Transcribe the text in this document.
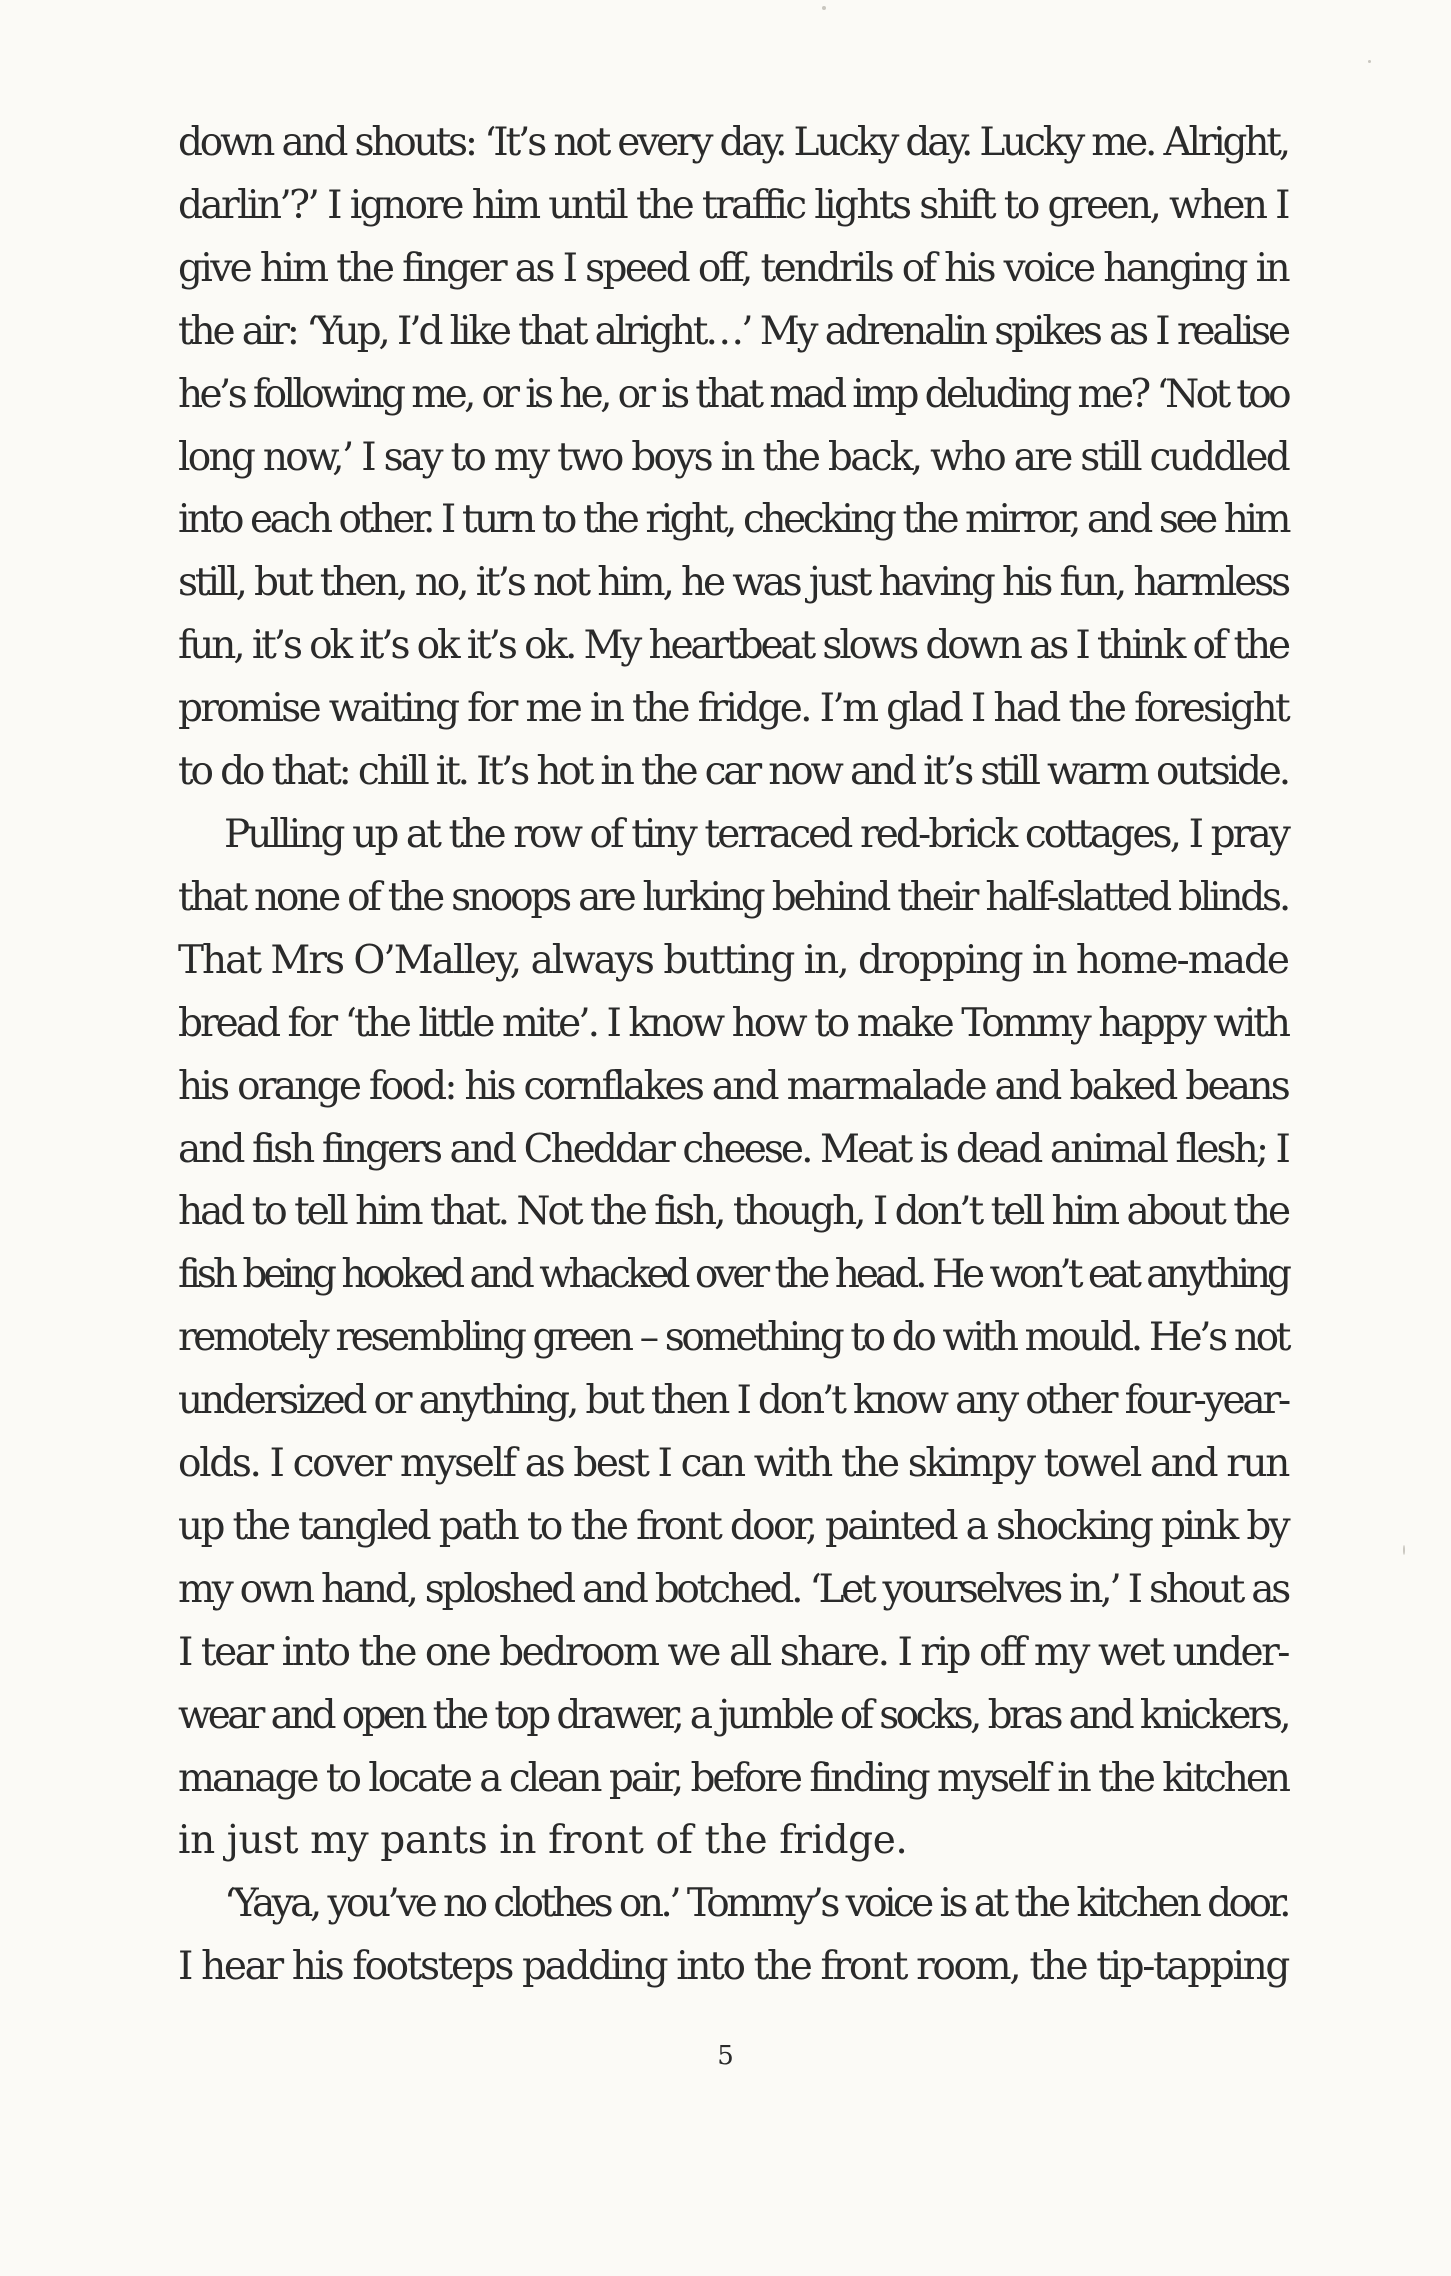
down and shouts: ‘It’s not every day. Lucky day. Lucky me. Alright,
darlin’?’ I ignore him until the traffic lights shift to green, when I
give him the finger as I speed off, tendrils of his voice hanging in
the air: ‘Yup, I’d like that alright…’ My adrenalin spikes as I realise
he’s following me, or is he, or is that mad imp deluding me? ‘Not too
long now,’ I say to my two boys in the back, who are still cuddled
into each other. I turn to the right, checking the mirror, and see him
still, but then, no, it’s not him, he was just having his fun, harmless
fun, it’s ok it’s ok it’s ok. My heartbeat slows down as I think of the
promise waiting for me in the fridge. I’m glad I had the foresight
to do that: chill it. It’s hot in the car now and it’s still warm outside.

Pulling up at the row of tiny terraced red-brick cottages, I pray
that none of the snoops are lurking behind their half-slatted blinds.
That Mrs O’Malley, always butting in, dropping in home-made
bread for ‘the little mite’. I know how to make Tommy happy with
his orange food: his cornflakes and marmalade and baked beans
and fish fingers and Cheddar cheese. Meat is dead animal flesh; I
had to tell him that. Not the fish, though, I don’t tell him about the
fish being hooked and whacked over the head. He won’t eat anything
remotely resembling green – something to do with mould. He’s not
undersized or anything, but then I don’t know any other four-year-
olds. I cover myself as best I can with the skimpy towel and run
up the tangled path to the front door, painted a shocking pink by
my own hand, sploshed and botched. ‘Let yourselves in,’ I shout as
I tear into the one bedroom we all share. I rip off my wet under-
wear and open the top drawer, a jumble of socks, bras and knickers,
manage to locate a clean pair, before finding myself in the kitchen
in just my pants in front of the fridge.

‘Yaya, you’ve no clothes on.’ Tommy’s voice is at the kitchen door.
I hear his footsteps padding into the front room, the tip-tapping

5
